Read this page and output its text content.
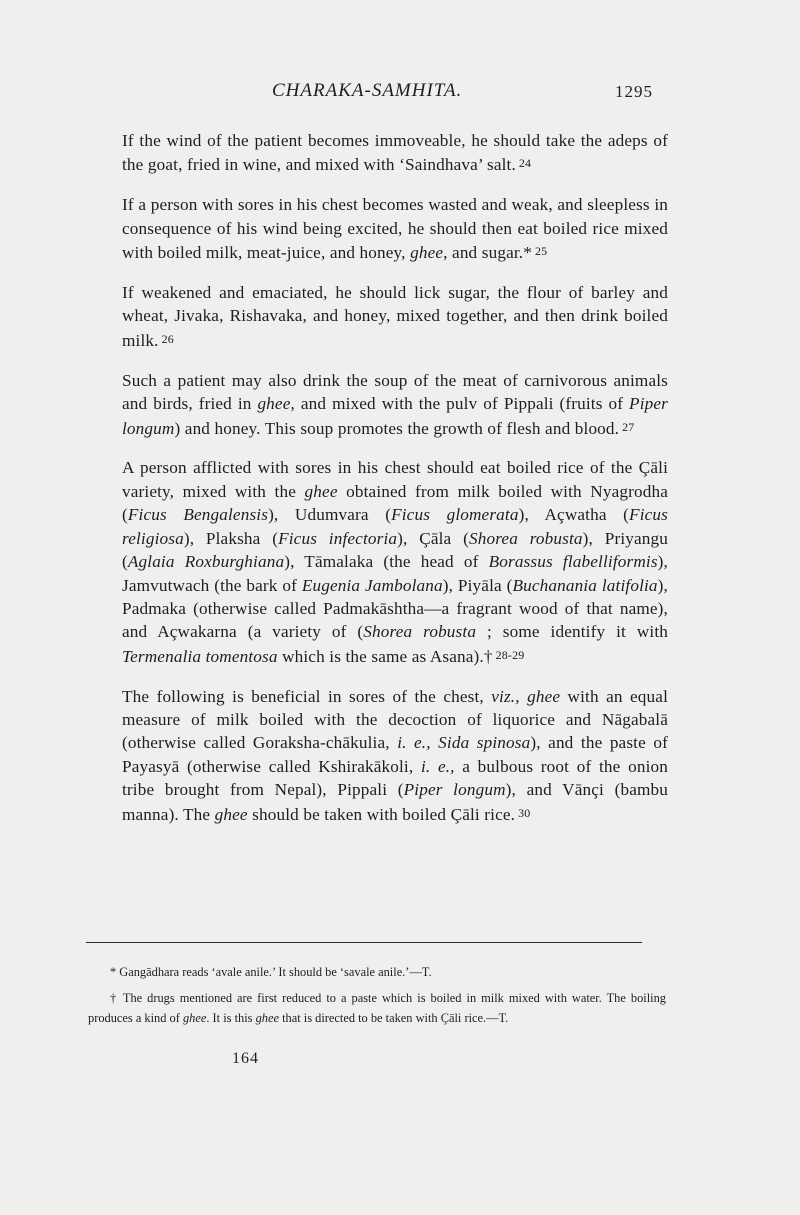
CHARAKA-SAMHITA.	1295

If the wind of the patient becomes immoveable, he should take the adeps of the goat, fried in wine, and mixed with ‘Saindhava’ salt. 24

If a person with sores in his chest becomes wasted and weak, and sleepless in consequence of his wind being excited, he should then eat boiled rice mixed with boiled milk, meat-juice, and honey, ghee, and sugar.* 25

If weakened and emaciated, he should lick sugar, the flour of barley and wheat, Jivaka, Rishavaka, and honey, mixed together, and then drink boiled milk. 26

Such a patient may also drink the soup of the meat of carnivorous animals and birds, fried in ghee, and mixed with the pulv of Pippali (fruits of Piper longum) and honey. This soup promotes the growth of flesh and blood. 27

A person afflicted with sores in his chest should eat boiled rice of the Çāli variety, mixed with the ghee obtained from milk boiled with Nyagrodha (Ficus Bengalensis), Udumvara (Ficus glomerata), Açwatha (Ficus religiosa), Plaksha (Ficus infectoria), Çāla (Shorea robusta), Priyangu (Aglaia Roxburghiana), Tāmalaka (the head of Borassus flabelliformis), Jamvutwach (the bark of Eugenia Jambolana), Piyāla (Buchanania latifolia), Padmaka (otherwise called Padmakāshtha—a fragrant wood of that name), and Açwakarna (a variety of (Shorea robusta ; some identify it with Termenalia tomentosa which is the same as Asana).† 28-29

The following is beneficial in sores of the chest, viz., ghee with an equal measure of milk boiled with the decoction of liquorice and Nāgabalā (otherwise called Goraksha-chākulia, i. e., Sida spinosa), and the paste of Payasyā (otherwise called Kshirakākoli, i. e., a bulbous root of the onion tribe brought from Nepal), Pippali (Piper longum), and Vānçi (bambu manna). The ghee should be taken with boiled Çāli rice. 30

* Gangādhara reads ‘avale anile.’ It should be ‘savale anile.’—T.

† The drugs mentioned are first reduced to a paste which is boiled in milk mixed with water. The boiling produces a kind of ghee. It is this ghee that is directed to be taken with Çāli rice.—T.

164
